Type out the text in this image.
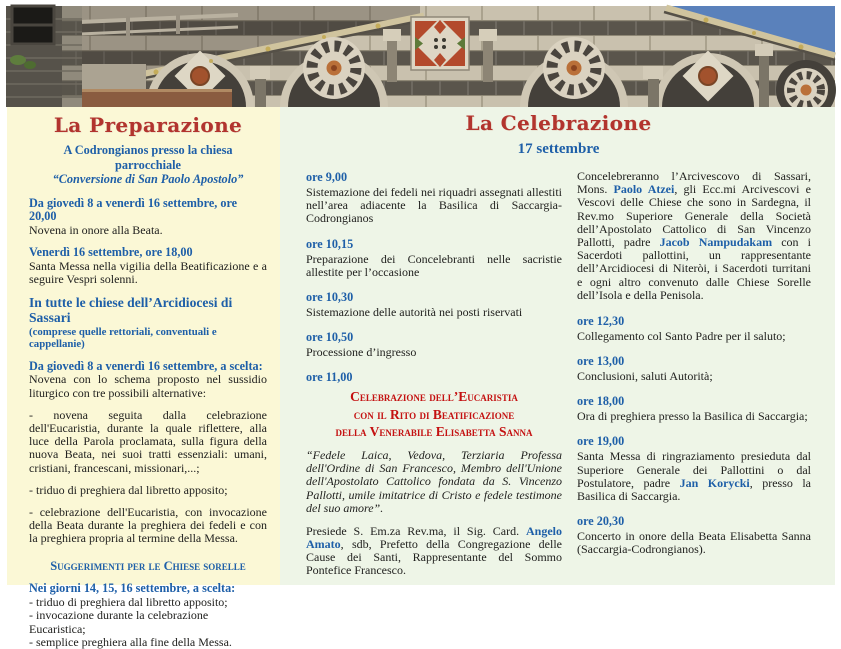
La Preparazione

A Codrongianos presso la chiesa parrocchiale
“Conversione di San Paolo Apostolo”

Da giovedì 8 a venerdì 16 settembre, ore 20,00
Novena in onore alla Beata.
Venerdì 16 settembre, ore 18,00
Santa Messa nella vigilia della Beatificazione e a seguire Vespri solenni.
In tutte le chiese dell’Arcidiocesi di Sassari
(comprese quelle rettoriali, conventuali e cappellanie)
Da giovedì 8 a venerdì 16 settembre, a scelta:
Novena con lo schema proposto nel sussidio liturgico con tre possibili alternative:
- novena seguita dalla celebrazione dell'Eucaristia, durante la quale riflettere, alla luce della Parola proclamata, sulla figura della nuova Beata, nei suoi tratti essenziali: umani, cristiani, francescani, missionari,...;
- triduo di preghiera dal libretto apposito;
- celebrazione dell'Eucaristia, con invocazione della Beata durante la preghiera dei fedeli e con la preghiera propria al termine della Messa.
Suggerimenti per le Chiese sorelle
Nei giorni 14, 15, 16 settembre, a scelta:
- triduo di preghiera dal libretto apposito;
- invocazione durante la celebrazione Eucaristica;
- semplice preghiera alla fine della Messa.
La Celebrazione
17 settembre
ore 9,00
Sistemazione dei fedeli nei riquadri assegnati allestiti nell’area adiacente la Basilica di Saccargia-Codrongianos
ore 10,15
Preparazione dei Concelebranti nelle sacristie allestite per l’occasione
ore 10,30
Sistemazione delle autorità nei posti riservati
ore 10,50
Processione d’ingresso
ore 11,00
Celebrazione dell’Eucaristia
con il Rito di Beatificazione
della Venerabile Elisabetta Sanna

“Fedele Laica, Vedova, Terziaria Professa dell'Ordine di San Francesco, Membro dell'Unione dell'Apostolato Cattolico fondata da S. Vincenzo Pallotti, umile imitatrice di Cristo e fedele testimone del suo amore”.

Presiede S. Em.za Rev.ma, il Sig. Card. Angelo Amato, sdb, Prefetto della Congregazione delle Cause dei Santi, Rappresentante del Sommo Pontefice Francesco.

Concelebreranno l’Arcivescovo di Sassari, Mons. Paolo Atzei, gli Ecc.mi Arcivescovi e Vescovi delle Chiese che sono in Sardegna, il Rev.mo Superiore Generale della Società dell’Apostolato Cattolico di San Vincenzo Pallotti, padre Jacob Nampudakam con i Sacerdoti pallottini, un rappresentante dell’Arcidiocesi di Niteròi, i Sacerdoti turritani e ogni altro convenuto dalle Chiese Sorelle dell’Isola e della Penisola.

ore 12,30
Collegamento col Santo Padre per il saluto;
ore 13,00
Conclusioni, saluti Autorità;
ore 18,00
Ora di preghiera presso la Basilica di Saccargia;
ore 19,00
Santa Messa di ringraziamento presieduta dal Superiore Generale dei Pallottini o dal Postulatore, padre Jan Korycki, presso la Basilica di Saccargia.
ore 20,30
Concerto in onore della Beata Elisabetta Sanna (Saccargia-Codrongianos).
